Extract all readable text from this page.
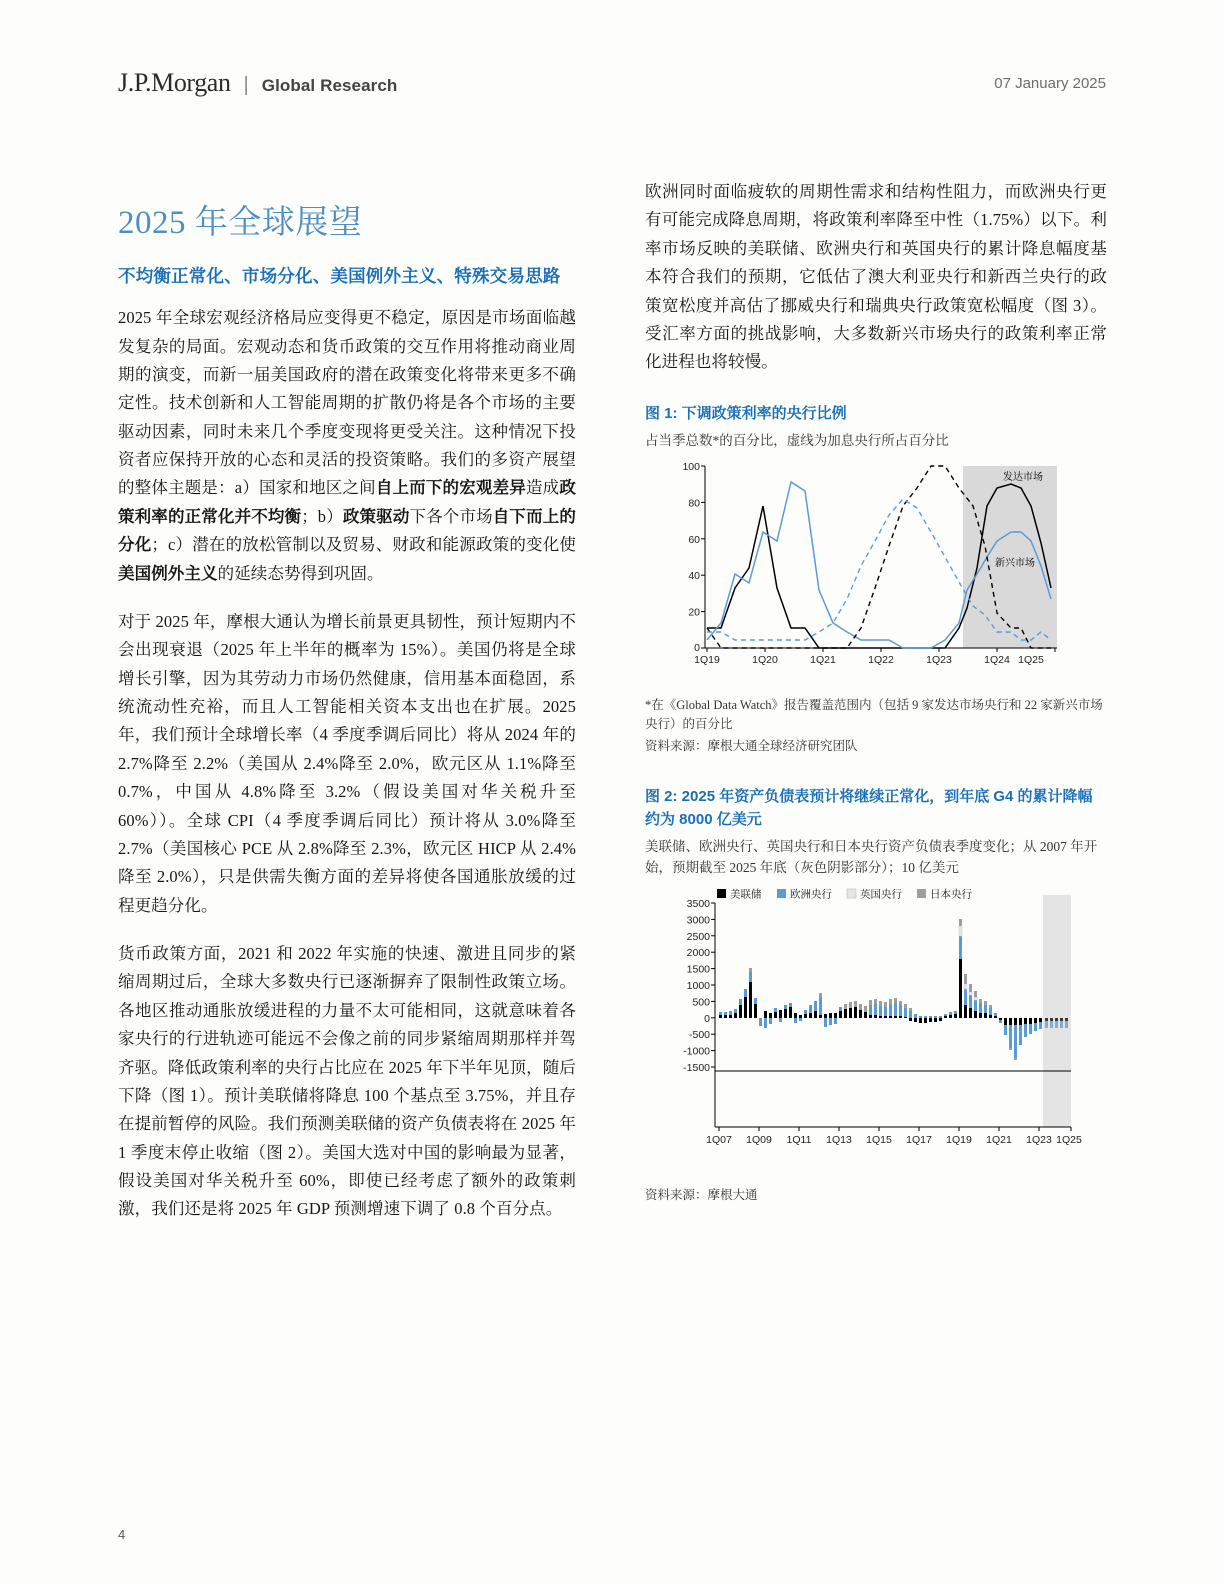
J.P.Morgan | Global Research	07 January 2025
2025 年全球展望
不均衡正常化、市场分化、美国例外主义、特殊交易思路

2025 年全球宏观经济格局应变得更不稳定，原因是市场面临越发复杂的局面。宏观动态和货币政策的交互作用将推动商业周期的演变，而新一届美国政府的潜在政策变化将带来更多不确定性。技术创新和人工智能周期的扩散仍将是各个市场的主要驱动因素，同时未来几个季度变现将更受关注。这种情况下投资者应保持开放的心态和灵活的投资策略。我们的多资产展望的整体主题是：a）国家和地区之间自上而下的宏观差异造成政策利率的正常化并不均衡；b）政策驱动下各个市场自下而上的分化；c）潜在的放松管制以及贸易、财政和能源政策的变化使美国例外主义的延续态势得到巩固。

对于 2025 年，摩根大通认为增长前景更具韧性，预计短期内不会出现衰退（2025 年上半年的概率为 15%）。美国仍将是全球增长引擎，因为其劳动力市场仍然健康，信用基本面稳固，系统流动性充裕，而且人工智能相关资本支出也在扩展。2025 年，我们预计全球增长率（4 季度季调后同比）将从 2024 年的 2.7%降至 2.2%（美国从 2.4%降至 2.0%，欧元区从 1.1%降至 0.7%，中国从 4.8%降至 3.2%（假设美国对华关税升至 60%））。全球 CPI（4 季度季调后同比）预计将从 3.0%降至 2.7%（美国核心 PCE 从 2.8%降至 2.3%，欧元区 HICP 从 2.4%降至 2.0%），只是供需失衡方面的差异将使各国通胀放缓的过程更趋分化。

货币政策方面，2021 和 2022 年实施的快速、激进且同步的紧缩周期过后，全球大多数央行已逐渐摒弃了限制性政策立场。各地区推动通胀放缓进程的力量不太可能相同，这就意味着各家央行的行进轨迹可能远不会像之前的同步紧缩周期那样并驾齐驱。降低政策利率的央行占比应在 2025 年下半年见顶，随后下降（图 1）。预计美联储将降息 100 个基点至 3.75%，并且存在提前暂停的风险。我们预测美联储的资产负债表将在 2025 年 1 季度末停止收缩（图 2）。美国大选对中国的影响最为显著，假设美国对华关税升至 60%，即使已经考虑了额外的政策刺激，我们还是将 2025 年 GDP 预测增速下调了 0.8 个百分点。

欧洲同时面临疲软的周期性需求和结构性阻力，而欧洲央行更有可能完成降息周期，将政策利率降至中性（1.75%）以下。利率市场反映的美联储、欧洲央行和英国央行的累计降息幅度基本符合我们的预期，它低估了澳大利亚央行和新西兰央行的政策宽松度并高估了挪威央行和瑞典央行政策宽松幅度（图 3）。受汇率方面的挑战影响，大多数新兴市场央行的政策利率正常化进程也将较慢。

图 1: 下调政策利率的央行比例
占当季总数*的百分比，虚线为加息央行所占百分比
100
80
60
40
20
0
1Q19	1Q20	1Q21	1Q22	1Q23	1Q24 1Q25
发达市场
新兴市场
*在《Global Data Watch》报告覆盖范围内（包括 9 家发达市场央行和 22 家新兴市场央行）的百分比
资料来源：摩根大通全球经济研究团队
图 2: 2025 年资产负债表预计将继续正常化，到年底 G4 的累计降幅约为 8000 亿美元
美联储、欧洲央行、英国央行和日本央行资产负债表季度变化；从 2007 年开始，预期截至 2025 年底（灰色阴影部分）；10 亿美元
美联储	欧洲央行	英国央行	日本央行
3500
3000
2500
2000
1500
1000
500
0
-500
-1000
-1500
1Q07 1Q09 1Q11 1Q13 1Q15 1Q17 1Q19 1Q21 1Q23 1Q25
资料来源：摩根大通
4
